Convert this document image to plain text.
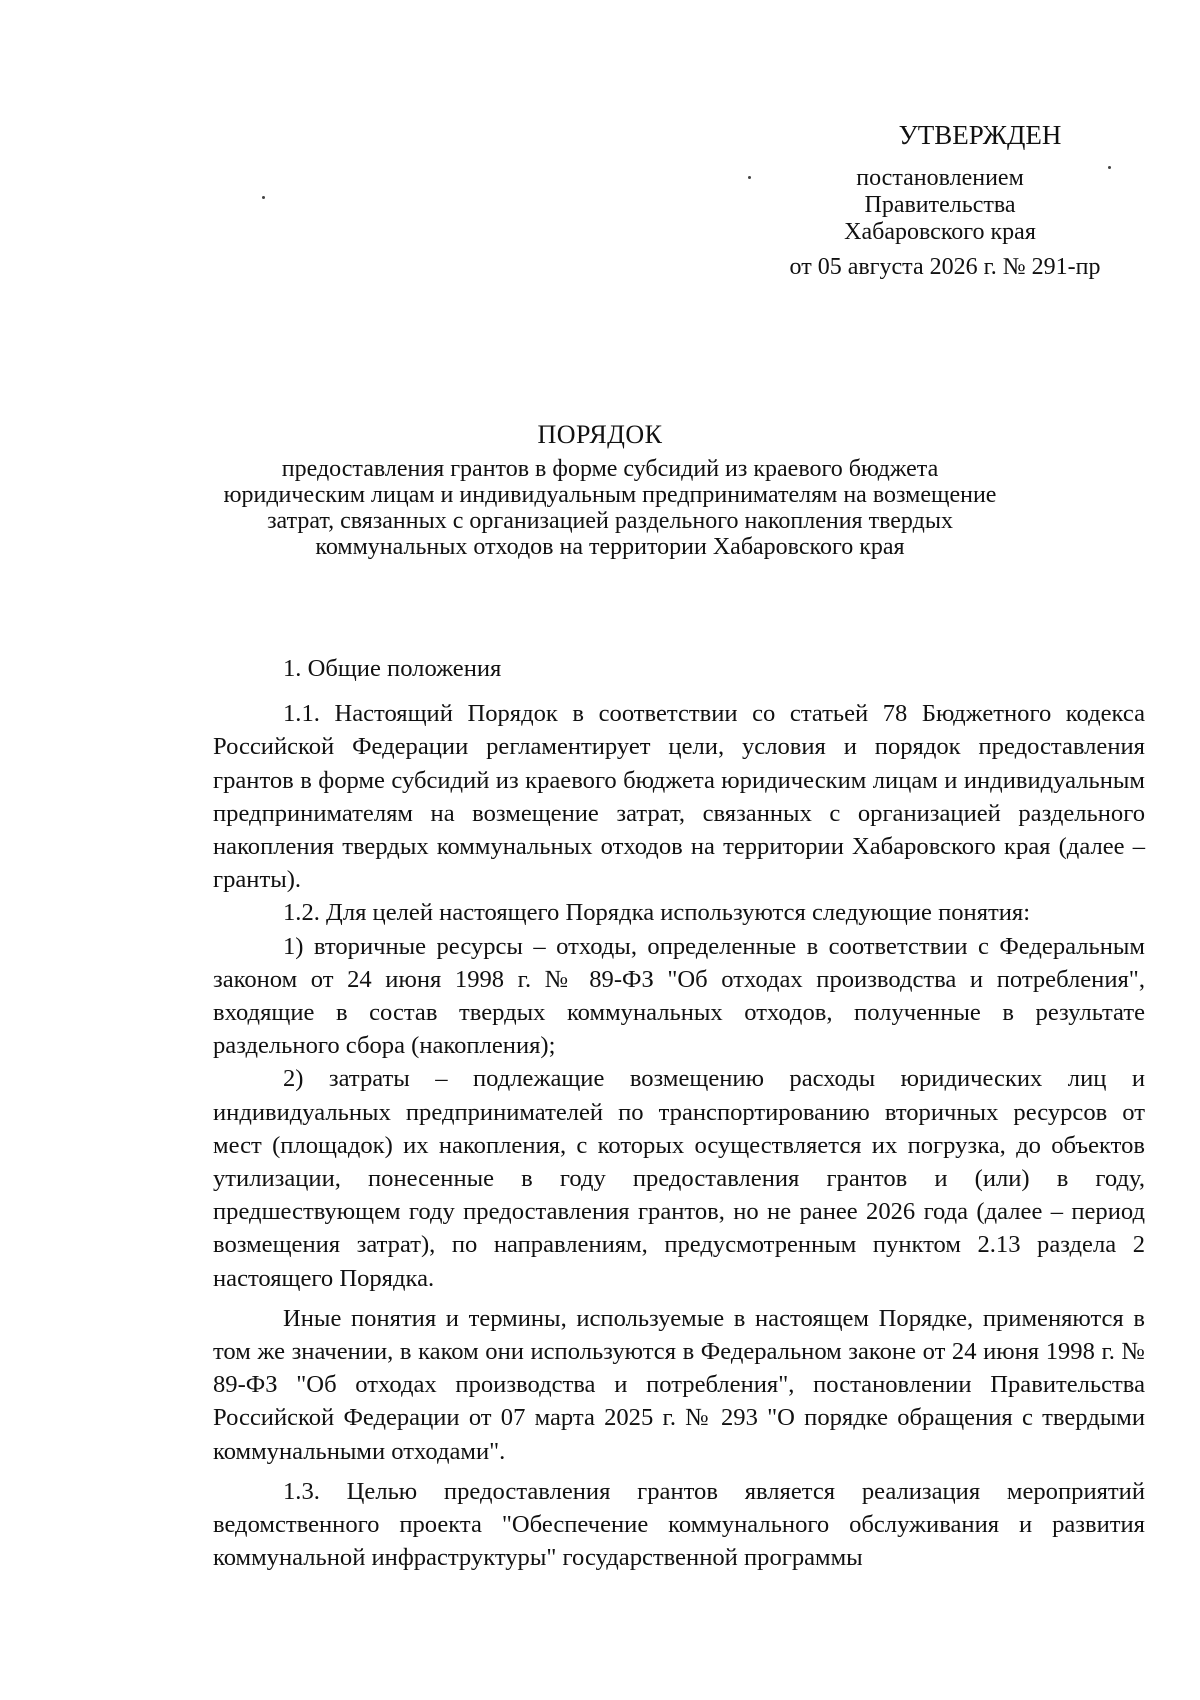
УТВЕРЖДЕН
постановлением
Правительства
Хабаровского края
от 05 августа 2026 г. № 291-пр
ПОРЯДОК
предоставления грантов в форме субсидий из краевого бюджета
юридическим лицам и индивидуальным предпринимателям на возмещение
затрат, связанных с организацией раздельного накопления твердых
коммунальных отходов на территории Хабаровского края
1. Общие положения

1.1. Настоящий Порядок в соответствии со статьей 78 Бюджетного кодекса Российской Федерации регламентирует цели, условия и порядок предоставления грантов в форме субсидий из краевого бюджета юридическим лицам и индивидуальным предпринимателям на возмещение затрат, связанных с организацией раздельного накопления твердых коммунальных отходов на территории Хабаровского края (далее – гранты).

1.2. Для целей настоящего Порядка используются следующие понятия:

1) вторичные ресурсы – отходы, определенные в соответствии с Федеральным законом от 24 июня 1998 г. № 89-ФЗ "Об отходах производства и потребления", входящие в состав твердых коммунальных отходов, полученные в результате раздельного сбора (накопления);

2) затраты – подлежащие возмещению расходы юридических лиц и индивидуальных предпринимателей по транспортированию вторичных ресурсов от мест (площадок) их накопления, с которых осуществляется их погрузка, до объектов утилизации, понесенные в году предоставления грантов и (или) в году, предшествующем году предоставления грантов, но не ранее 2026 года (далее – период возмещения затрат), по направлениям, предусмотренным пунктом 2.13 раздела 2 настоящего Порядка.

Иные понятия и термины, используемые в настоящем Порядке, применяются в том же значении, в каком они используются в Федеральном законе от 24 июня 1998 г. № 89-ФЗ "Об отходах производства и потребления", постановлении Правительства Российской Федерации от 07 марта 2025 г. № 293 "О порядке обращения с твердыми коммунальными отходами".

1.3. Целью предоставления грантов является реализация мероприятий ведомственного проекта "Обеспечение коммунального обслуживания и развития коммунальной инфраструктуры" государственной программы
